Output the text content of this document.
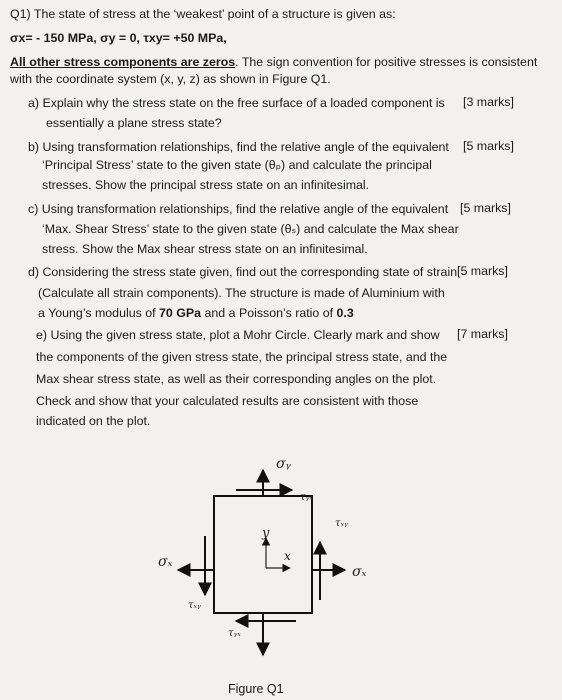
Q1) The state of stress at the ‘weakest’ point of a structure is given as:
σx= - 150 MPa, σy = 0, τxy= +50 MPa,
All other stress components are zeros. The sign convention for positive stresses is consistent
with the coordinate system (x, y, z) as shown in Figure Q1.
a) Explain why the stress state on the free surface of a loaded component is [3 marks]
essentially a plane stress state?
b) Using transformation relationships, find the relative angle of the equivalent [5 marks]
‘Principal Stress’ state to the given state (θₚ) and calculate the principal
stresses. Show the principal stress state on an infinitesimal.
c) Using transformation relationships, find the relative angle of the equivalent [5 marks]
‘Max. Shear Stress’ state to the given state (θₛ) and calculate the Max shear
stress. Show the Max shear stress state on an infinitesimal.
d) Considering the stress state given, find out the corresponding state of strain [5 marks]
(Calculate all strain components). The structure is made of Aluminium with
a Young’s modulus of 70 GPa and a Poisson’s ratio of 0.3
e) Using the given stress state, plot a Mohr Circle. Clearly mark and show [7 marks]
the components of the given stress state, the principal stress state, and the
Max shear stress state, as well as their corresponding angles on the plot.
Check and show that your calculated results are consistent with those
indicated on the plot.
σᵧ
τᵧₓ
τₓᵧ
σₓ
σₓ
τₓᵧ
τᵧₓ
y
x
Figure Q1
